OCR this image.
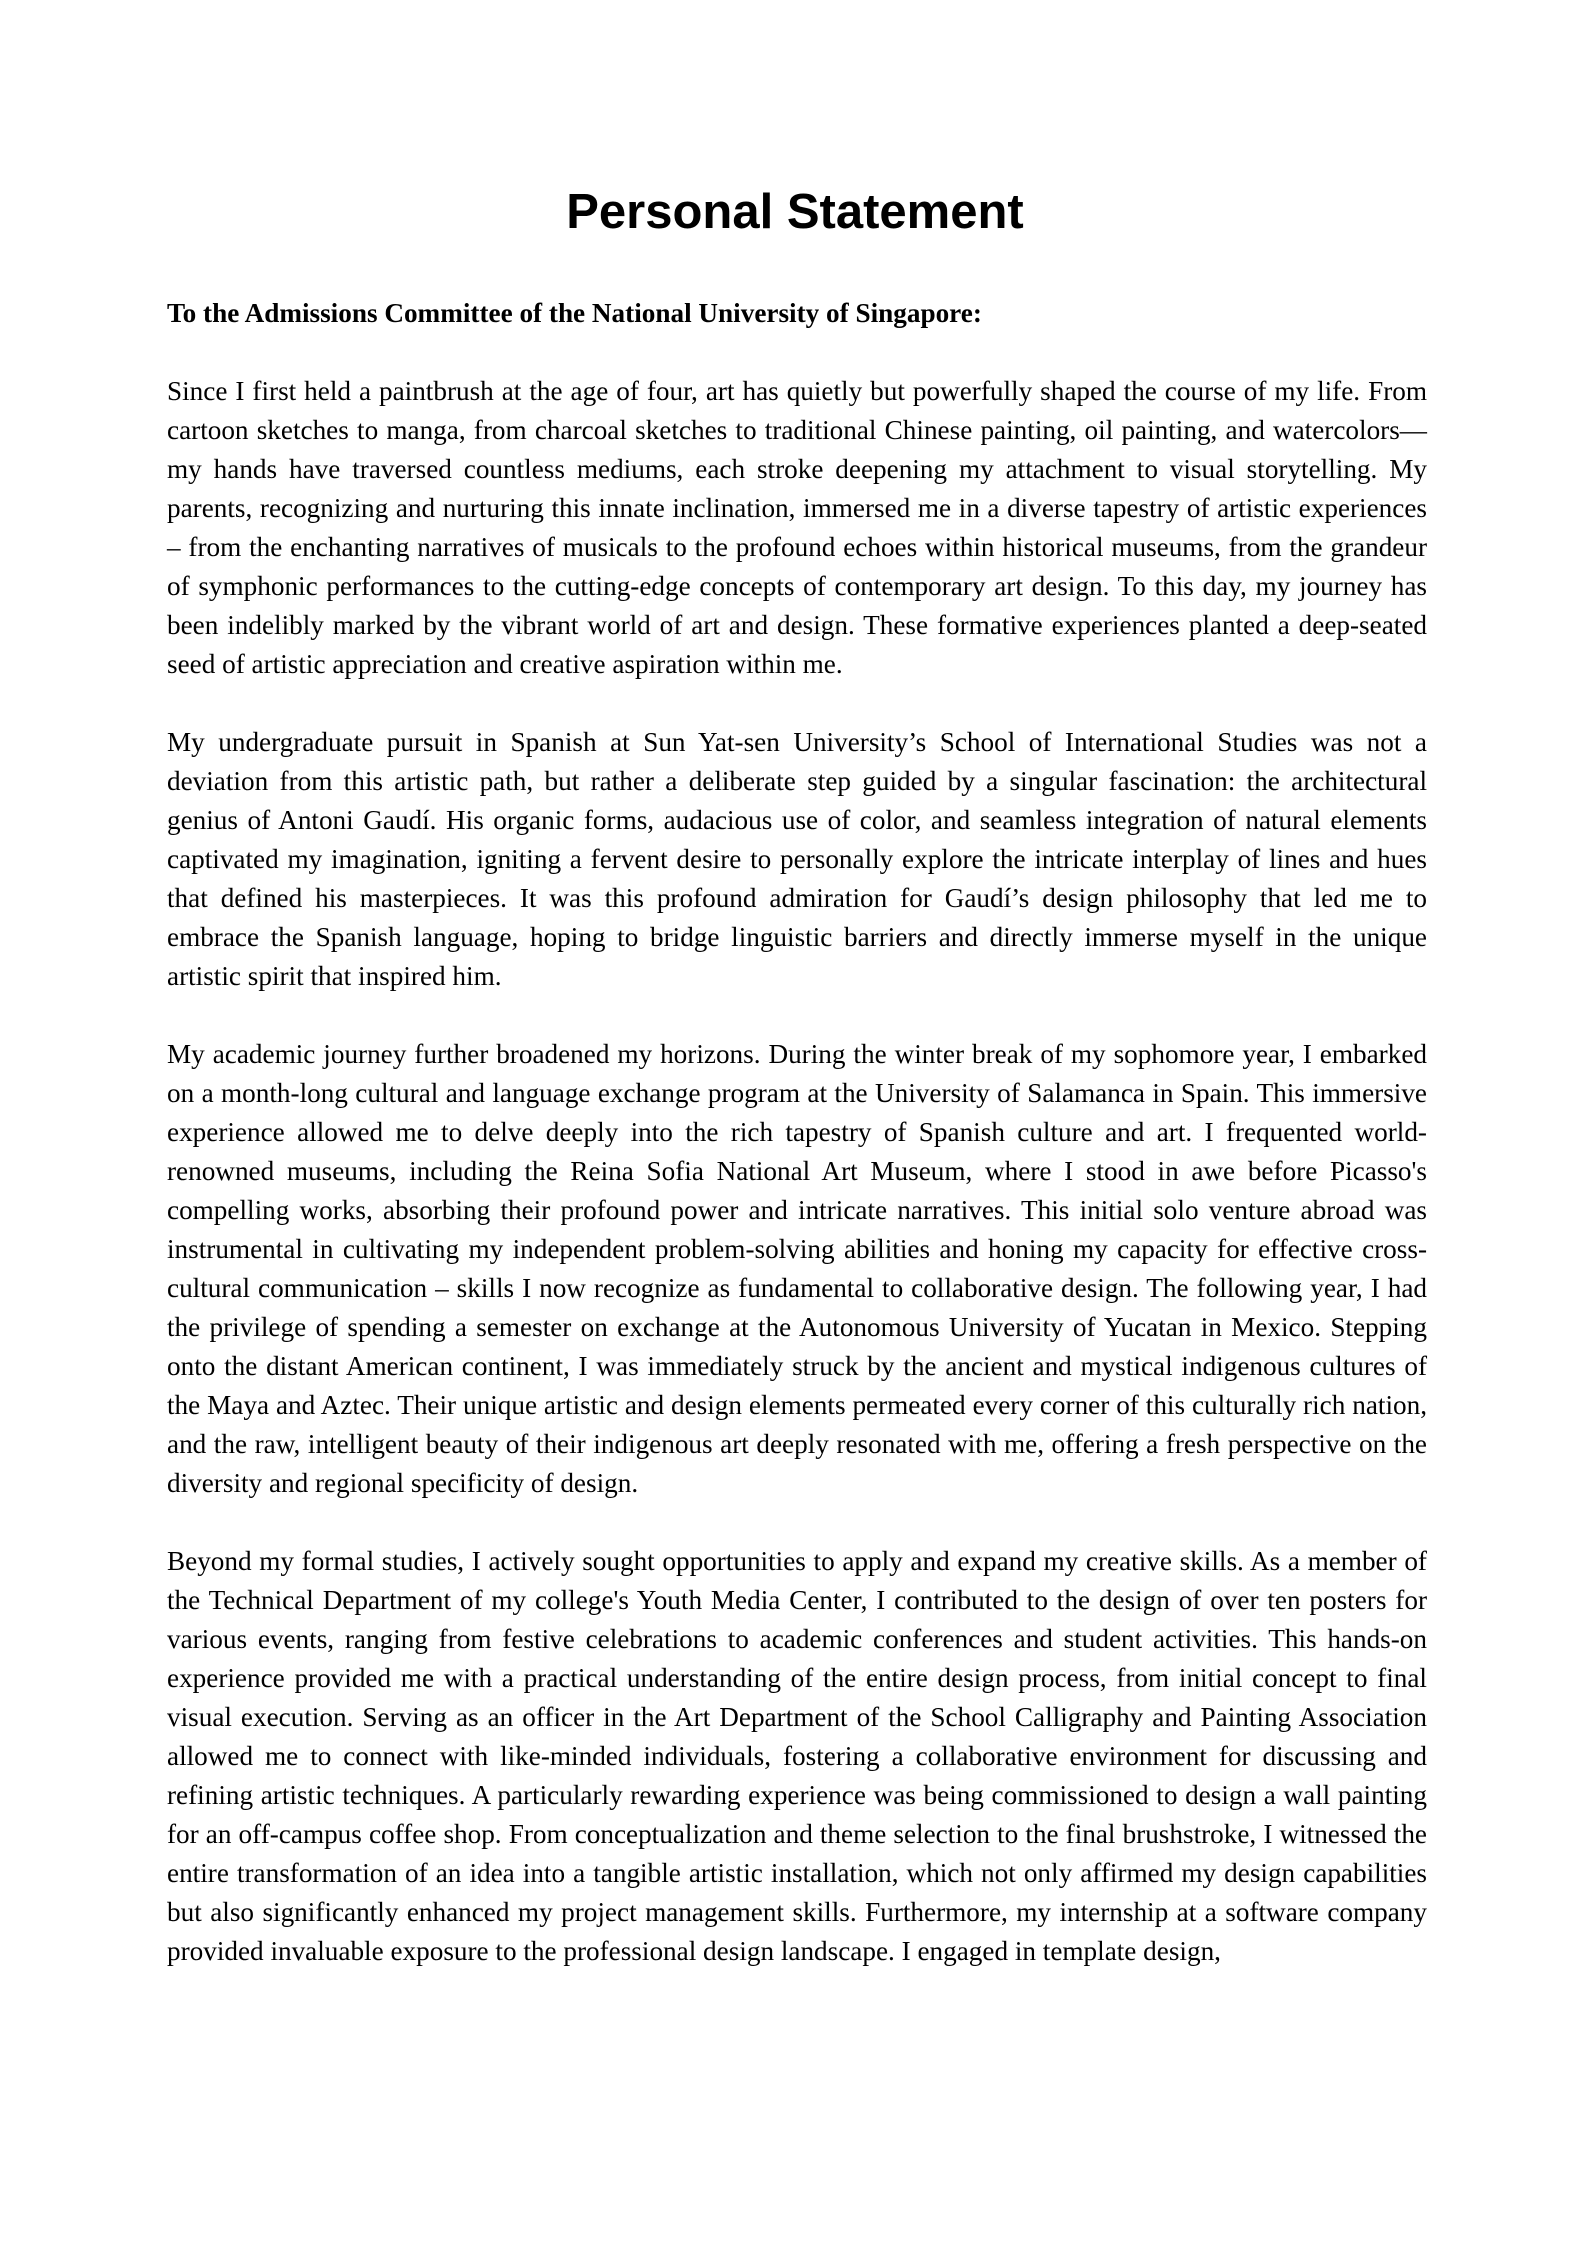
Personal Statement

To the Admissions Committee of the National University of Singapore:

Since I first held a paintbrush at the age of four, art has quietly but powerfully shaped the course of my life. From cartoon sketches to manga, from charcoal sketches to traditional Chinese painting, oil painting, and watercolors—my hands have traversed countless mediums, each stroke deepening my attachment to visual storytelling. My parents, recognizing and nurturing this innate inclination, immersed me in a diverse tapestry of artistic experiences – from the enchanting narratives of musicals to the profound echoes within historical museums, from the grandeur of symphonic performances to the cutting-edge concepts of contemporary art design. To this day, my journey has been indelibly marked by the vibrant world of art and design. These formative experiences planted a deep-seated seed of artistic appreciation and creative aspiration within me.

My undergraduate pursuit in Spanish at Sun Yat-sen University’s School of International Studies was not a deviation from this artistic path, but rather a deliberate step guided by a singular fascination: the architectural genius of Antoni Gaudí. His organic forms, audacious use of color, and seamless integration of natural elements captivated my imagination, igniting a fervent desire to personally explore the intricate interplay of lines and hues that defined his masterpieces. It was this profound admiration for Gaudí’s design philosophy that led me to embrace the Spanish language, hoping to bridge linguistic barriers and directly immerse myself in the unique artistic spirit that inspired him.

My academic journey further broadened my horizons. During the winter break of my sophomore year, I embarked on a month-long cultural and language exchange program at the University of Salamanca in Spain. This immersive experience allowed me to delve deeply into the rich tapestry of Spanish culture and art. I frequented world-renowned museums, including the Reina Sofia National Art Museum, where I stood in awe before Picasso's compelling works, absorbing their profound power and intricate narratives. This initial solo venture abroad was instrumental in cultivating my independent problem-solving abilities and honing my capacity for effective cross-cultural communication – skills I now recognize as fundamental to collaborative design. The following year, I had the privilege of spending a semester on exchange at the Autonomous University of Yucatan in Mexico. Stepping onto the distant American continent, I was immediately struck by the ancient and mystical indigenous cultures of the Maya and Aztec. Their unique artistic and design elements permeated every corner of this culturally rich nation, and the raw, intelligent beauty of their indigenous art deeply resonated with me, offering a fresh perspective on the diversity and regional specificity of design.

Beyond my formal studies, I actively sought opportunities to apply and expand my creative skills. As a member of the Technical Department of my college's Youth Media Center, I contributed to the design of over ten posters for various events, ranging from festive celebrations to academic conferences and student activities. This hands-on experience provided me with a practical understanding of the entire design process, from initial concept to final visual execution. Serving as an officer in the Art Department of the School Calligraphy and Painting Association allowed me to connect with like-minded individuals, fostering a collaborative environment for discussing and refining artistic techniques. A particularly rewarding experience was being commissioned to design a wall painting for an off-campus coffee shop. From conceptualization and theme selection to the final brushstroke, I witnessed the entire transformation of an idea into a tangible artistic installation, which not only affirmed my design capabilities but also significantly enhanced my project management skills. Furthermore, my internship at a software company provided invaluable exposure to the professional design landscape. I engaged in template design,
